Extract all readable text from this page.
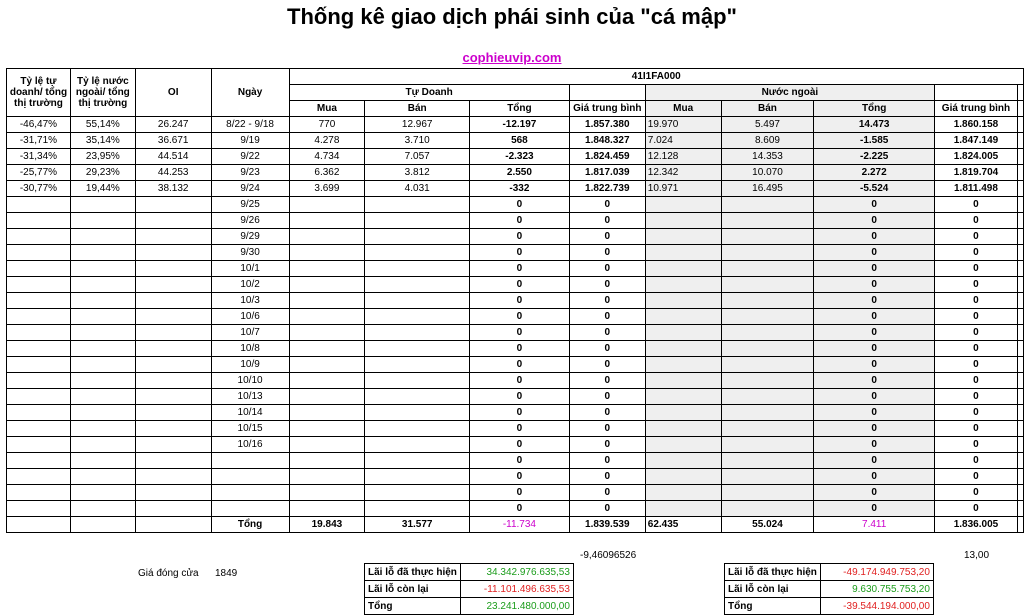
Thống kê giao dịch phái sinh của "cá mập"
cophieuvip.com
Tỷ lệ tự doanh/ tổng thị trường	Tỷ lệ nước ngoài/ tổng thị trường	OI	Ngày	41I1FA000								
				Tự Doanh				Nước ngoài				
				Mua	Bán	Tổng	Giá trung bình	Mua	Bán	Tổng	Giá trung bình	
-46,47%	55,14%	26.247	8/22 - 9/18	770	12.967	-12.197	1.857.380	19.970	5.497	14.473	1.860.158	
-31,71%	35,14%	36.671	9/19	4.278	3.710	568	1.848.327	7.024	8.609	-1.585	1.847.149	
-31,34%	23,95%	44.514	9/22	4.734	7.057	-2.323	1.824.459	12.128	14.353	-2.225	1.824.005	
-25,77%	29,23%	44.253	9/23	6.362	3.812	2.550	1.817.039	12.342	10.070	2.272	1.819.704	
-30,77%	19,44%	38.132	9/24	3.699	4.031	-332	1.822.739	10.971	16.495	-5.524	1.811.498	
			9/25			0	0			0	0	
			9/26			0	0			0	0	
			9/29			0	0			0	0	
			9/30			0	0			0	0	
			10/1			0	0			0	0	
			10/2			0	0			0	0	
			10/3			0	0			0	0	
			10/6			0	0			0	0	
			10/7			0	0			0	0	
			10/8			0	0			0	0	
			10/9			0	0			0	0	
			10/10			0	0			0	0	
			10/13			0	0			0	0	
			10/14			0	0			0	0	
			10/15			0	0			0	0	
			10/16			0	0			0	0	
						0	0			0	0	
						0	0			0	0	
						0	0			0	0	
						0	0			0	0	
			Tổng	19.843	31.577	-11.734	1.839.539	62.435	55.024	7.411	1.836.005	
-9,46096526	13,00
Giá đóng cửa 1849	Lãi lỗ đã thực hiện	34.342.976.635,53
Lãi lỗ còn lại	-11.101.496.635,53
Tổng	23.241.480.000,00
Lãi lỗ đã thực hiện	-49.174.949.753,20
Lãi lỗ còn lại	9.630.755.753,20
Tổng	-39.544.194.000,00
